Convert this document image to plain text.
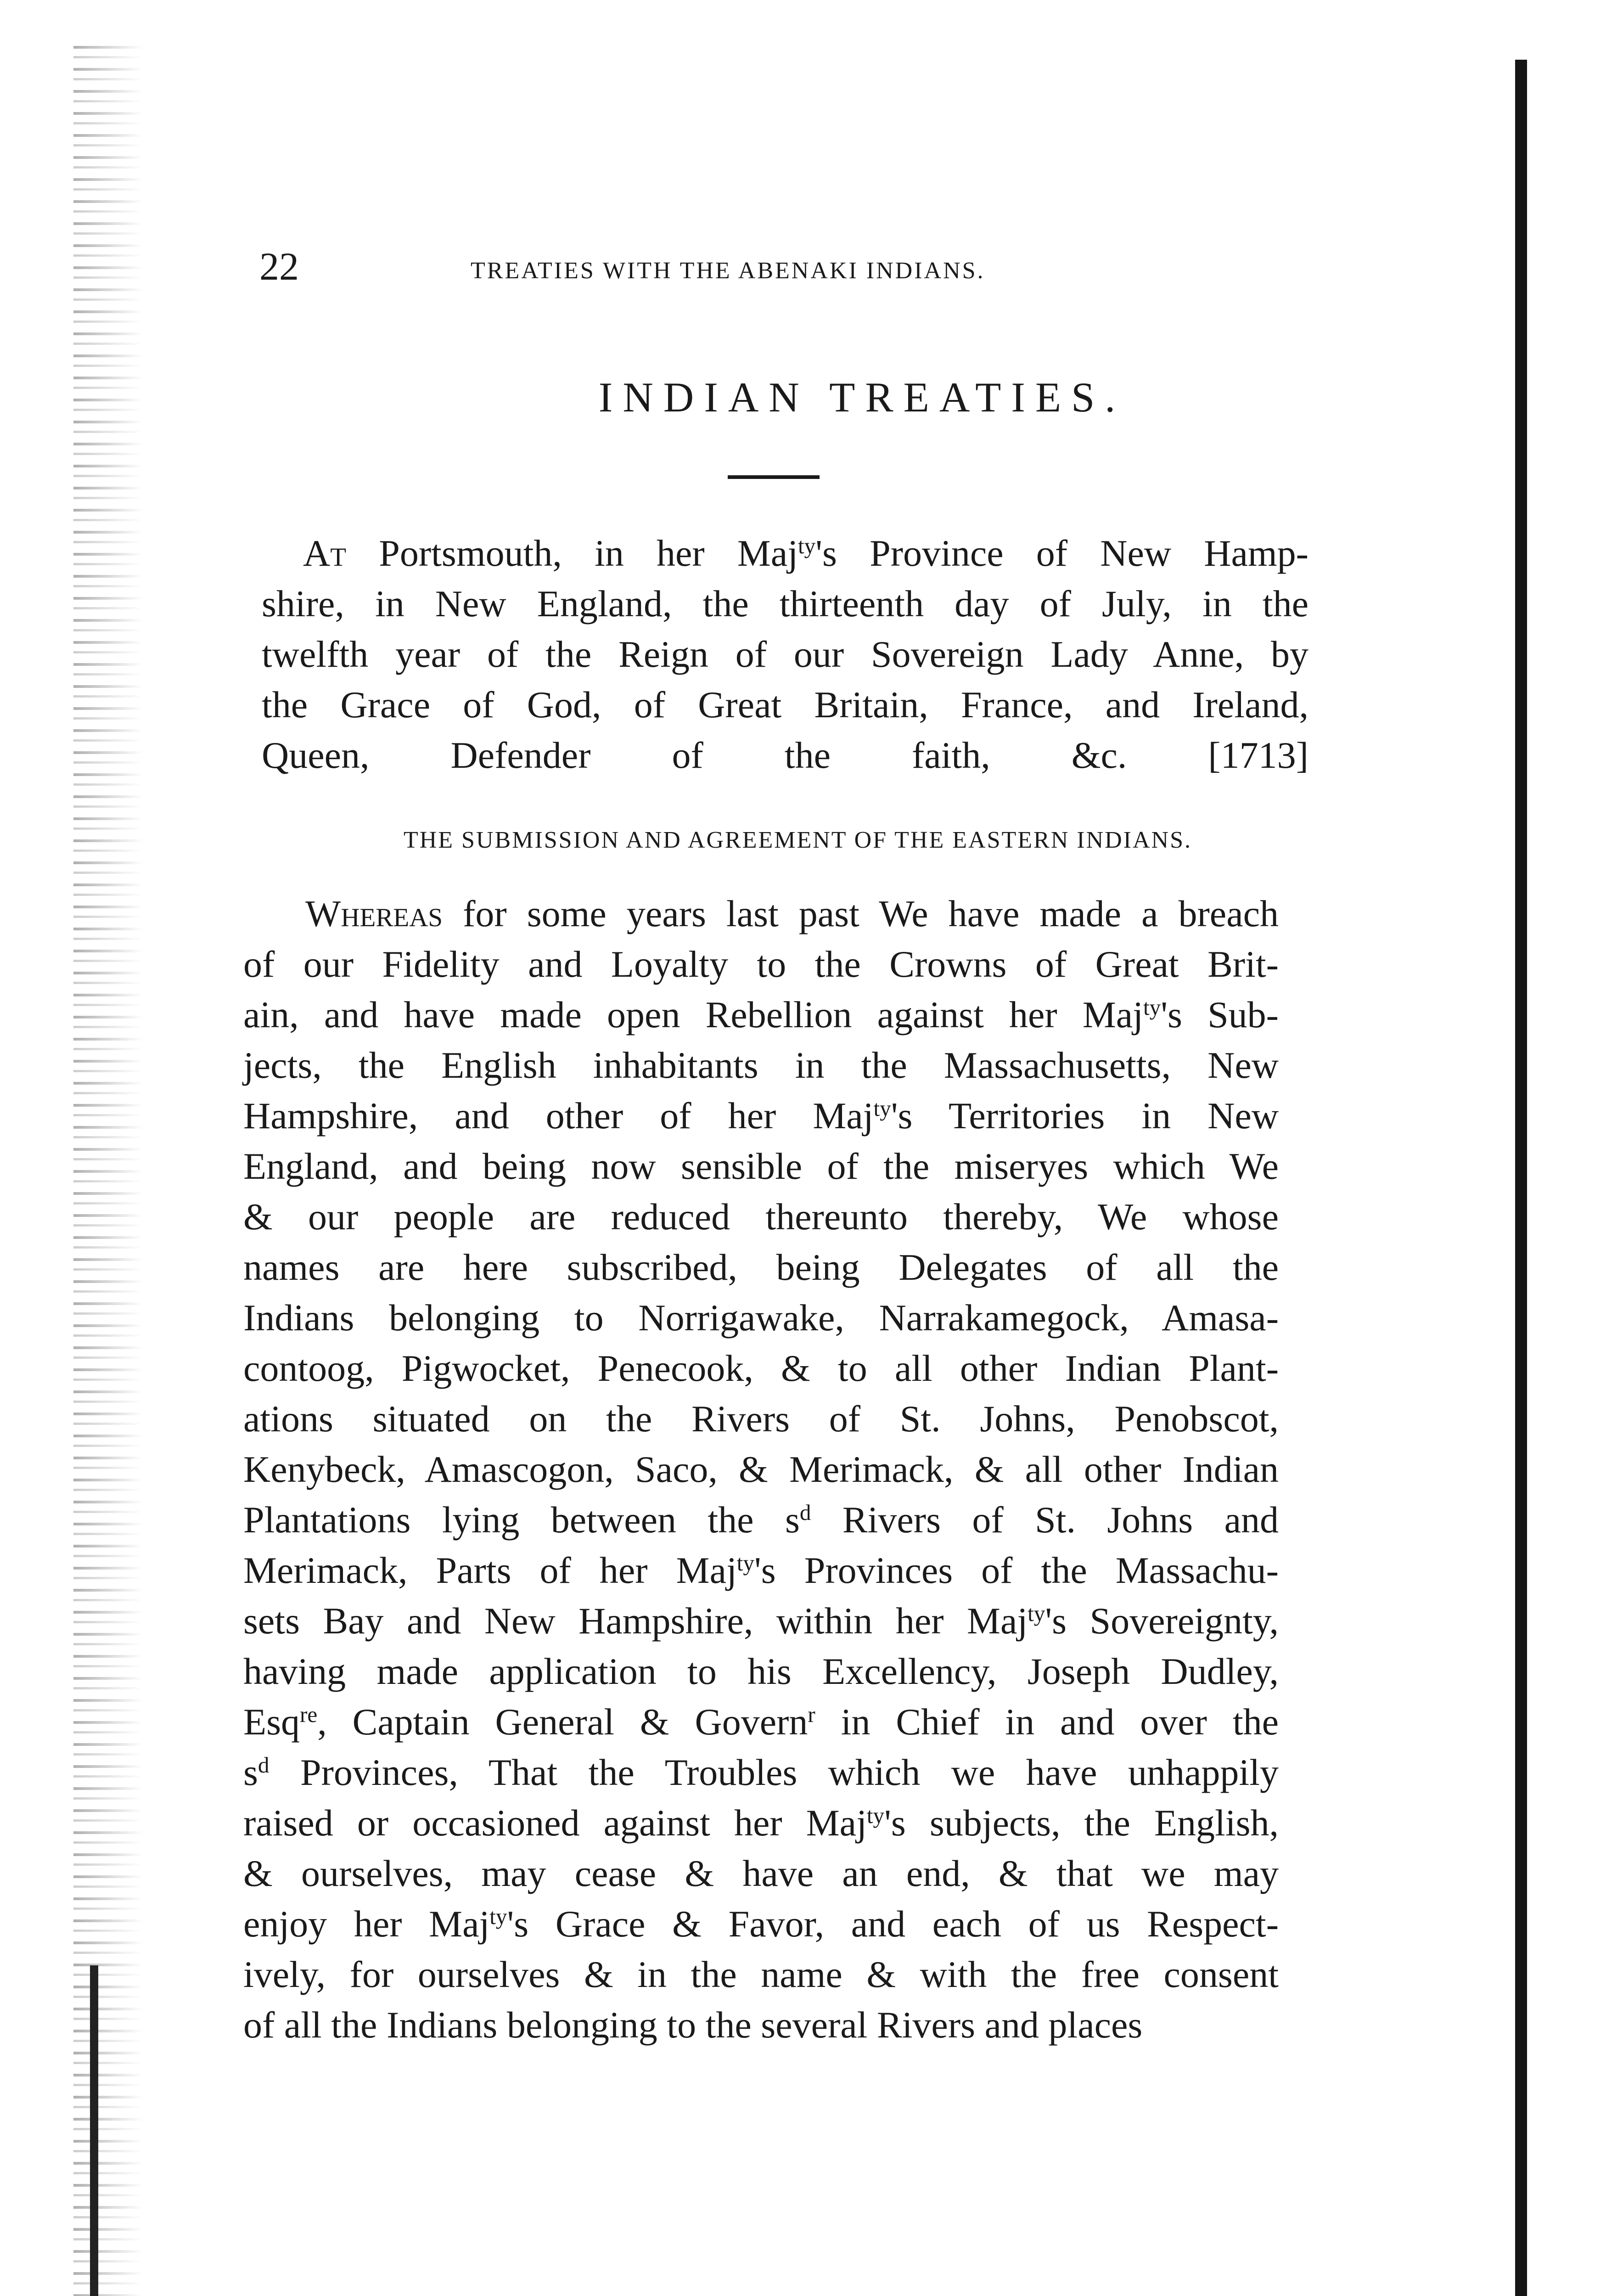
22	TREATIES WITH THE ABENAKI INDIANS.
INDIAN TREATIES.
At Portsmouth, in her Maj$^{ty}$'s Province of New Hamp-
shire, in New England, the thirteenth day of July, in the
twelfth year of the Reign of our Sovereign Lady Anne, by
the Grace of God, of Great Britain, France, and Ireland,
Queen, Defender of the faith, &c. [1713]
THE SUBMISSION AND AGREEMENT OF THE EASTERN INDIANS.
Whereas for some years last past We have made a breach
of our Fidelity and Loyalty to the Crowns of Great Brit-
ain, and have made open Rebellion against her Maj$^{ty}$'s Sub-
jects, the English inhabitants in the Massachusetts, New
Hampshire, and other of her Maj$^{ty}$'s Territories in New
England, and being now sensible of the miseryes which We
& our people are reduced thereunto thereby, We whose
names are here subscribed, being Delegates of all the
Indians belonging to Norrigawake, Narrakamegock, Amasa-
contoog, Pigwocket, Penecook, & to all other Indian Plant-
ations situated on the Rivers of St. Johns, Penobscot,
Kenybeck, Amascogon, Saco, & Merimack, & all other Indian
Plantations lying between the $s^d$ Rivers of St. Johns and
Merimack, Parts of her Maj$^{ty}$'s Provinces of the Massachu-
sets Bay and New Hampshire, within her Maj$^{ty}$'s Sovereignty,
having made application to his Excellency, Joseph Dudley,
Esq$^{re}$, Captain General & Govern$^r$ in Chief in and over the
$s^d$ Provinces, That the Troubles which we have unhappily
raised or occasioned against her Maj$^{ty}$'s subjects, the English,
& ourselves, may cease & have an end, & that we may
enjoy her Maj$^{ty}$'s Grace & Favor, and each of us Respect-
ively, for ourselves & in the name & with the free consent
of all the Indians belonging to the several Rivers and places
